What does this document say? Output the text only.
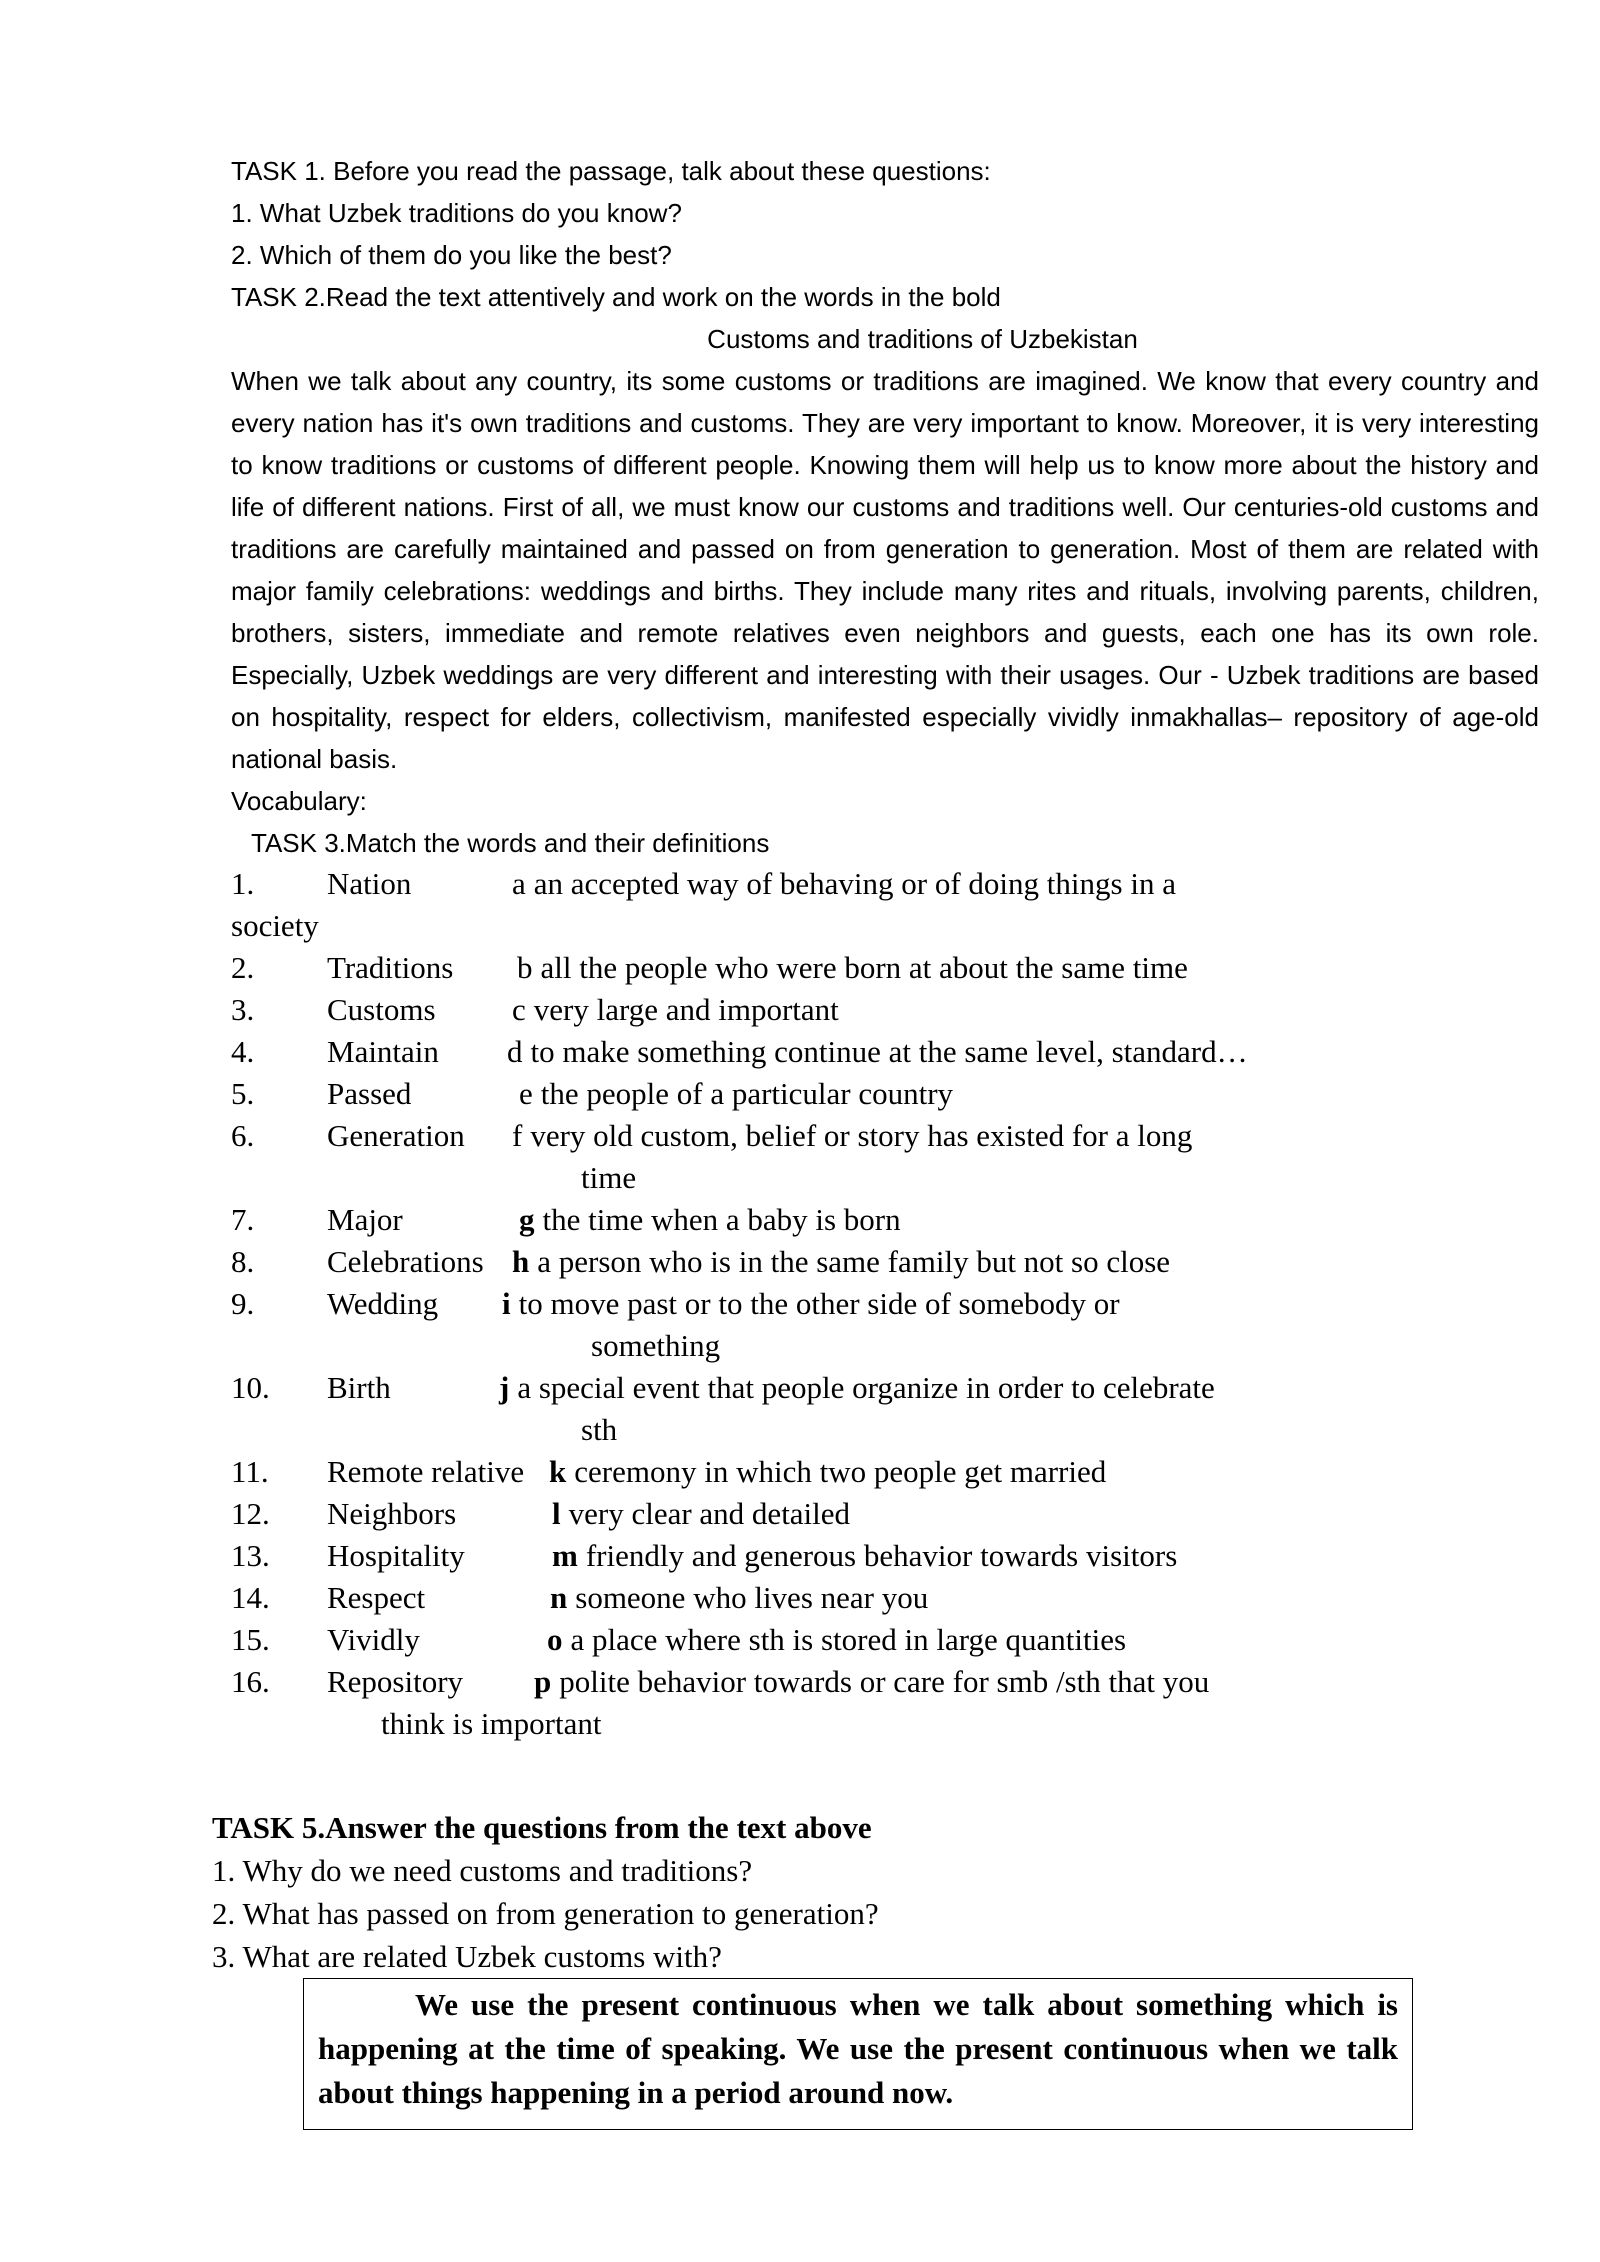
TASK 1. Before you read the passage, talk about these questions:
1. What Uzbek traditions do you know?
2. Which of them do you like the best?
TASK 2.Read the text attentively and work on the words in the bold
Customs and traditions of Uzbekistan
When we talk about any country, its some customs or traditions are imagined. We know that every country and every nation has it's own traditions and customs. They are very important to know. Moreover, it is very interesting to know traditions or customs of different people. Knowing them will help us to know more about the history and life of different nations. First of all, we must know our customs and traditions well. Our centuries-old customs and traditions are carefully maintained and passed on from generation to generation. Most of them are related with major family celebrations: weddings and births. They include many rites and rituals, involving parents, children, brothers, sisters, immediate and remote relatives even neighbors and guests, each one has its own role. Especially, Uzbek weddings are very different and interesting with their usages. Our - Uzbek traditions are based on hospitality, respect for elders, collectivism, manifested especially vividly inmakhallas– repository of age-old national basis.
Vocabulary:
TASK 3.Match the words and their definitions
1.	Nation	a an accepted way of behaving or of doing things in a
society
2.	Traditions	b all the people who were born at about the same time
3.	Customs	c very large and important
4.	Maintain	d to make something continue at the same level, standard…
5.	Passed	e the people of a particular country
6.	Generation	f very old custom, belief or story has existed for a long
time
7.	Major	g the time when a baby is born
8.	Celebrations h a person who is in the same family but not so close
9.	Wedding	i to move past or to the other side of somebody or
something
10.	Birth	j a special event that people organize in order to celebrate
sth
11.	Remote relative k ceremony in which two people get married
12.	Neighbors	l very clear and detailed
13.	Hospitality	m friendly and generous behavior towards visitors
14.	Respect	n someone who lives near you
15.	Vividly	o a place where sth is stored in large quantities
16.	Repository	p polite behavior towards or care for smb /sth that you
think is important
TASK 5.Answer the questions from the text above
1. Why do we need customs and traditions?
2. What has passed on from generation to generation?
3. What are related Uzbek customs with?

We use the present continuous when we talk about something which is happening at the time of speaking. We use the present continuous when we talk about things happening in a period around now.
